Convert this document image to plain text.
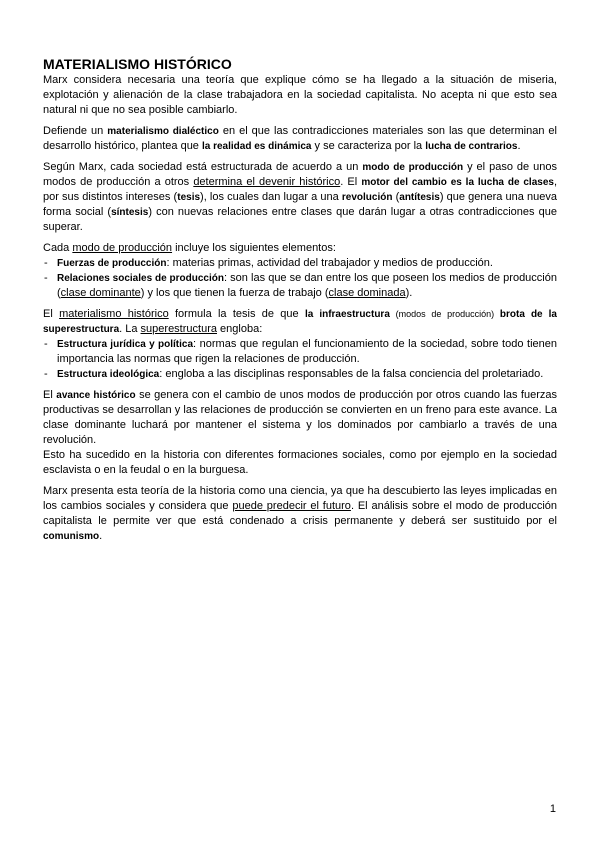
MATERIALISMO HISTÓRICO

Marx considera necesaria una teoría que explique cómo se ha llegado a la situación de miseria, explotación y alienación de la clase trabajadora en la sociedad capitalista. No acepta ni que esto sea natural ni que no sea posible cambiarlo.

Defiende un materialismo dialéctico en el que las contradicciones materiales son las que determinan el desarrollo histórico, plantea que la realidad es dinámica y se caracteriza por la lucha de contrarios.

Según Marx, cada sociedad está estructurada de acuerdo a un modo de producción y el paso de unos modos de producción a otros determina el devenir histórico. El motor del cambio es la lucha de clases, por sus distintos intereses (tesis), los cuales dan lugar a una revolución (antítesis) que genera una nueva forma social (síntesis) con nuevas relaciones entre clases que darán lugar a otras contradicciones que superar.

Cada modo de producción incluye los siguientes elementos:

- Fuerzas de producción: materias primas, actividad del trabajador y medios de producción.
- Relaciones sociales de producción: son las que se dan entre los que poseen los medios de producción (clase dominante) y los que tienen la fuerza de trabajo (clase dominada).

El materialismo histórico formula la tesis de que la infraestructura (modos de producción) brota de la superestructura. La superestructura engloba:

- Estructura jurídica y política: normas que regulan el funcionamiento de la sociedad, sobre todo tienen importancia las normas que rigen la relaciones de producción.
- Estructura ideológica: engloba a las disciplinas responsables de la falsa conciencia del proletariado.

El avance histórico se genera con el cambio de unos modos de producción por otros cuando las fuerzas productivas se desarrollan y las relaciones de producción se convierten en un freno para este avance. La clase dominante luchará por mantener el sistema y los dominados por cambiarlo a través de una revolución.

Esto ha sucedido en la historia con diferentes formaciones sociales, como por ejemplo en la sociedad esclavista o en la feudal o en la burguesa.

Marx presenta esta teoría de la historia como una ciencia, ya que ha descubierto las leyes implicadas en los cambios sociales y considera que puede predecir el futuro. El análisis sobre el modo de producción capitalista le permite ver que está condenado a crisis permanente y deberá ser sustituido por el comunismo.

1
